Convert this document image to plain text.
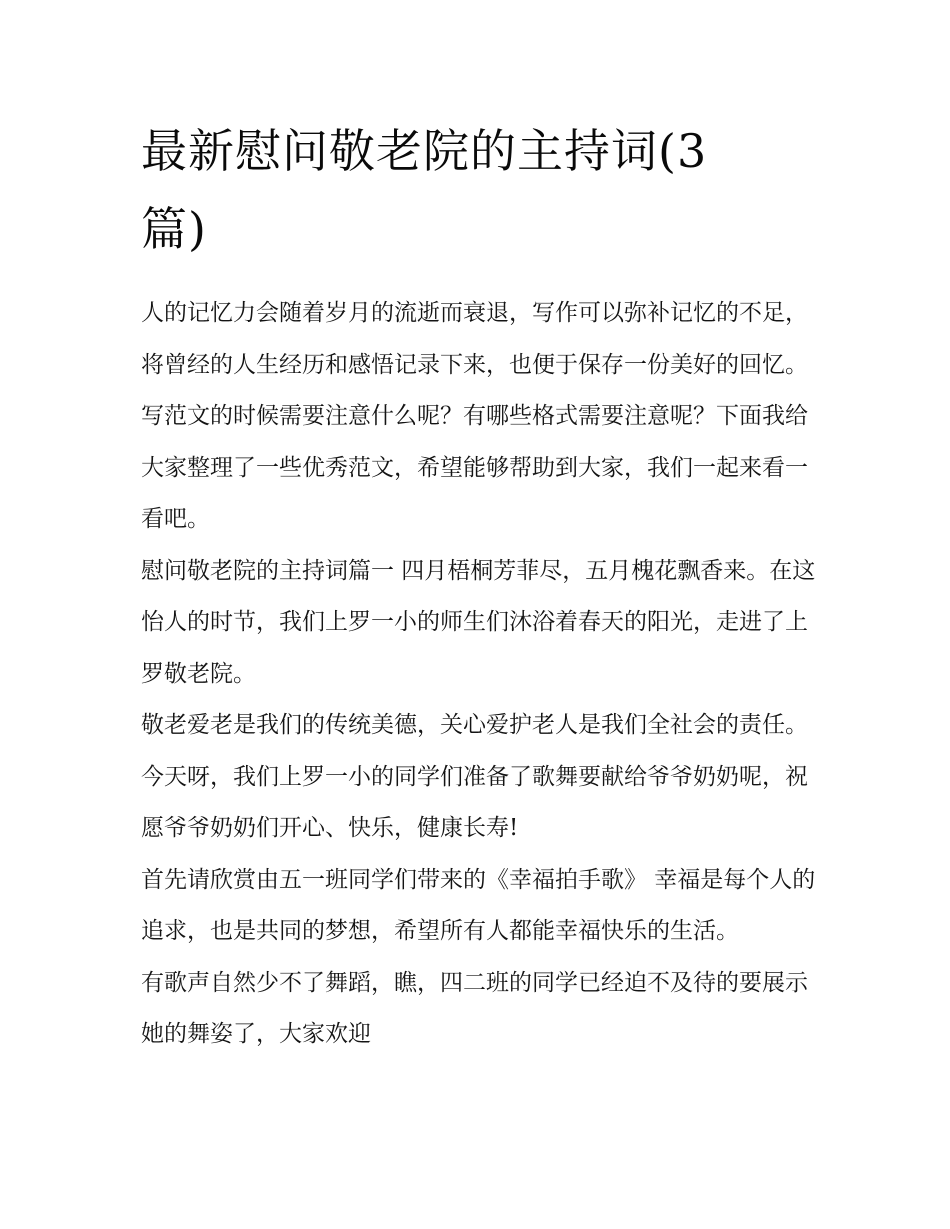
最新慰问敬老院的主持词(3篇)

人的记忆力会随着岁月的流逝而衰退，写作可以弥补记忆的不足，将曾经的人生经历和感悟记录下来，也便于保存一份美好的回忆。写范文的时候需要注意什么呢？有哪些格式需要注意呢？下面我给大家整理了一些优秀范文，希望能够帮助到大家，我们一起来看一看吧。

慰问敬老院的主持词篇一 四月梧桐芳菲尽，五月槐花飘香来。在这怡人的时节，我们上罗一小的师生们沐浴着春天的阳光，走进了上罗敬老院。

敬老爱老是我们的传统美德，关心爱护老人是我们全社会的责任。今天呀，我们上罗一小的同学们准备了歌舞要献给爷爷奶奶呢，祝愿爷爷奶奶们开心、快乐，健康长寿!

首先请欣赏由五一班同学们带来的《幸福拍手歌》 幸福是每个人的追求，也是共同的梦想，希望所有人都能幸福快乐的生活。

有歌声自然少不了舞蹈，瞧，四二班的同学已经迫不及待的要展示她的舞姿了，大家欢迎
